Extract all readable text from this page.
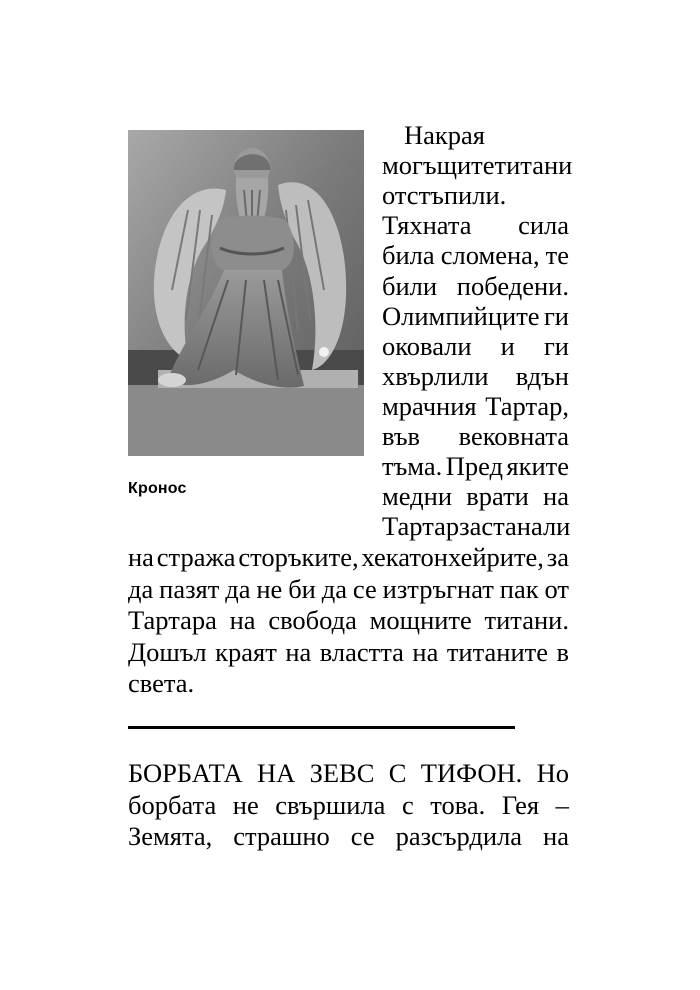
Кронос
Накрая
могъщите титани
отстъпили.
Тяхната сила
била сломена, те
били победени.
Олимпийците ги
оковали и ги
хвърлили вдън
мрачния Тартар,
във вековната
тъма. Пред яките
медни врати на
Тартар застанали
на стража сторъките, хекатонхейрите, за
да пазят да не би да се изтръгнат пак от
Тартара на свобода мощните титани.
Дошъл краят на властта на титаните в
света.
БОРБАТА НА ЗЕВС С ТИФОН. Но
борбата не свършила с това. Гея –
Земята, страшно се разсърдила на
